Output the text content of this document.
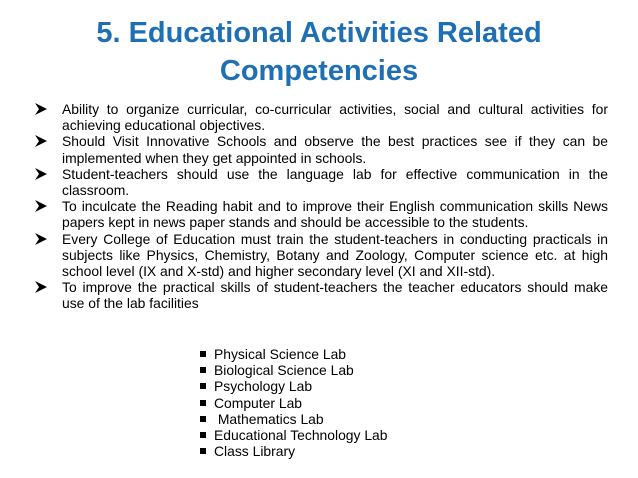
5. Educational Activities Related Competencies
Ability to organize curricular, co-curricular activities, social and cultural activities for achieving educational objectives.
Should Visit Innovative Schools and observe the best practices see if they can be implemented when they get appointed in schools.
Student-teachers should use the language lab for effective communication in the classroom.
To inculcate the Reading habit and to improve their English communication skills News papers kept in news paper stands and should be accessible to the students.
Every College of Education must train the student-teachers in conducting practicals in subjects like Physics, Chemistry, Botany and Zoology, Computer science etc. at high school level (IX and X-std) and higher secondary level (XI and XII-std).
To improve the practical skills of student-teachers the teacher educators should make use of the lab facilities
Physical Science Lab
Biological Science Lab
Psychology Lab
Computer Lab
Mathematics Lab
Educational Technology Lab
Class Library
